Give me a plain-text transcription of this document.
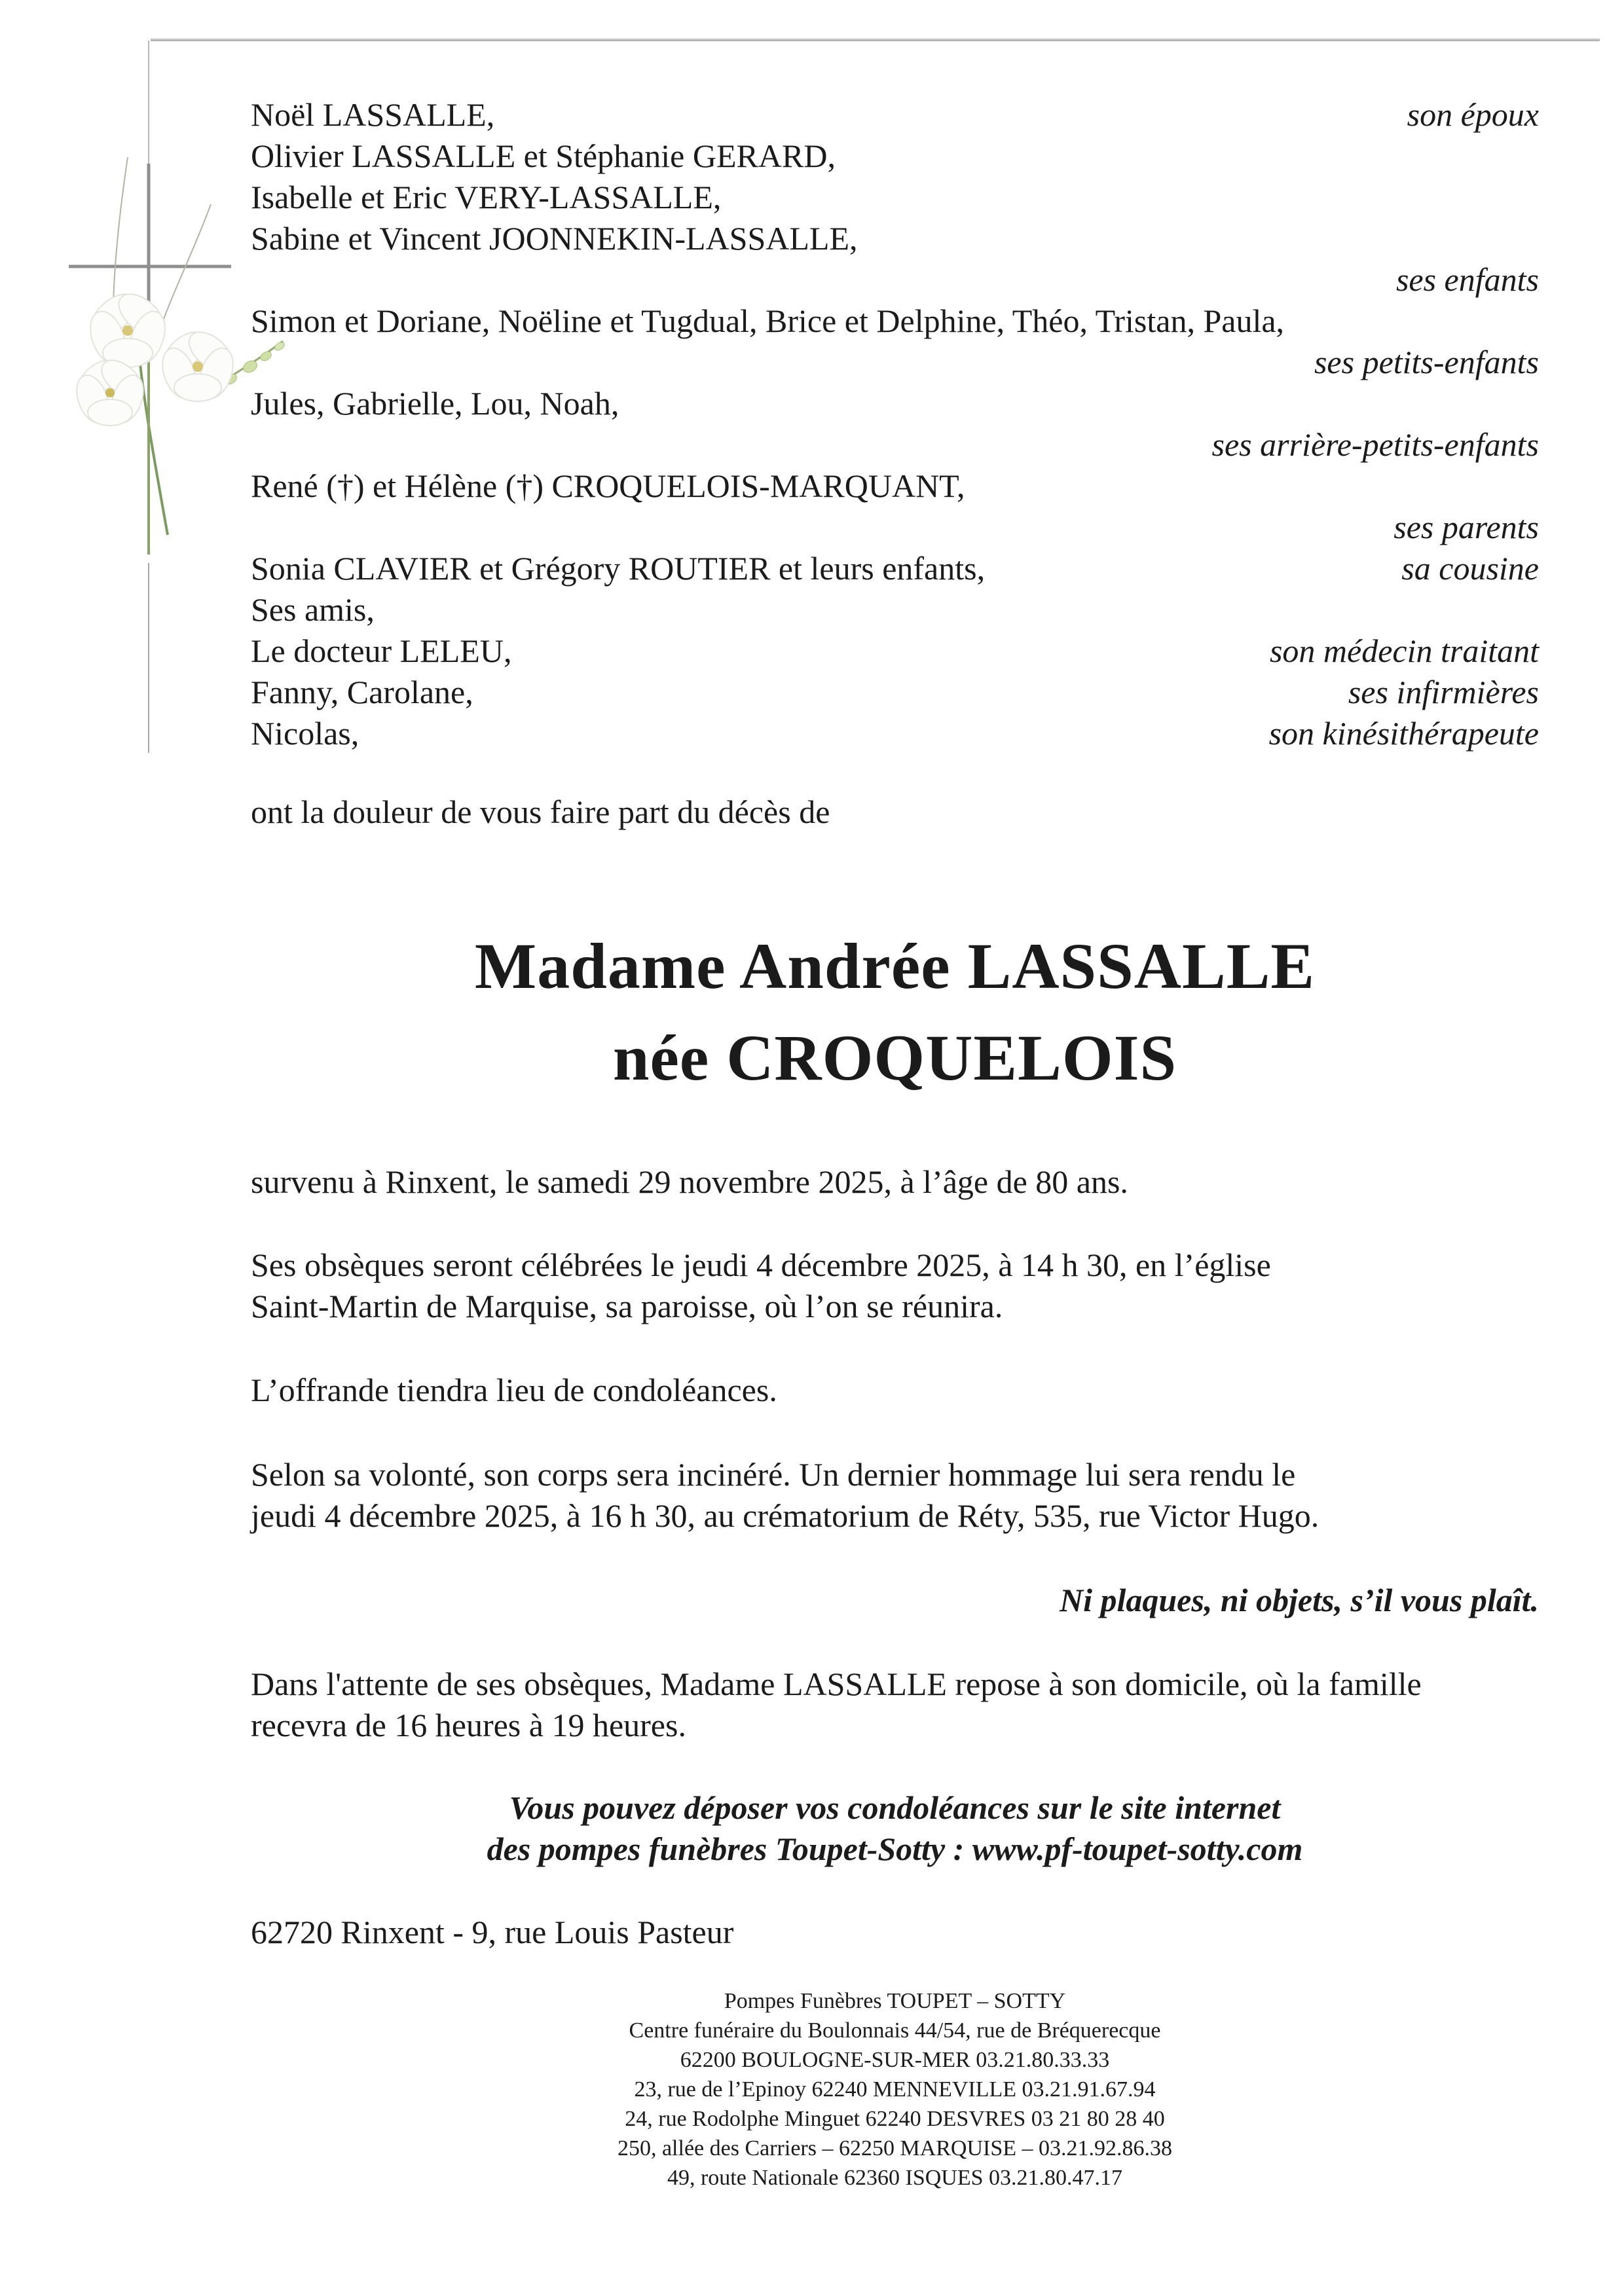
Noël LASSALLE,	son époux
Olivier LASSALLE et Stéphanie GERARD,
Isabelle et Eric VERY-LASSALLE,
Sabine et Vincent JOONNEKIN-LASSALLE,
ses enfants
Simon et Doriane, Noëline et Tugdual, Brice et Delphine, Théo, Tristan, Paula,
ses petits-enfants
Jules, Gabrielle, Lou, Noah,
ses arrière-petits-enfants
René (†) et Hélène (†) CROQUELOIS-MARQUANT,
ses parents
Sonia CLAVIER et Grégory ROUTIER et leurs enfants,	sa cousine
Ses amis,
Le docteur LELEU,	son médecin traitant
Fanny, Carolane,	ses infirmières
Nicolas,	son kinésithérapeute
ont la douleur de vous faire part du décès de
Madame Andrée LASSALLE
née CROQUELOIS
survenu à Rinxent, le samedi 29 novembre 2025, à l’âge de 80 ans.
Ses obsèques seront célébrées le jeudi 4 décembre 2025, à 14 h 30, en l’église
Saint-Martin de Marquise, sa paroisse, où l’on se réunira.
L’offrande tiendra lieu de condoléances.
Selon sa volonté, son corps sera incinéré. Un dernier hommage lui sera rendu le
jeudi 4 décembre 2025, à 16 h 30, au crématorium de Réty, 535, rue Victor Hugo.
Ni plaques, ni objets, s’il vous plaît.
Dans l'attente de ses obsèques, Madame LASSALLE repose à son domicile, où la famille
recevra de 16 heures à 19 heures.
Vous pouvez déposer vos condoléances sur le site internet
des pompes funèbres Toupet-Sotty : www.pf-toupet-sotty.com
62720 Rinxent - 9, rue Louis Pasteur
Pompes Funèbres TOUPET – SOTTY
Centre funéraire du Boulonnais 44/54, rue de Bréquerecque
62200 BOULOGNE-SUR-MER 03.21.80.33.33
23, rue de l’Epinoy 62240 MENNEVILLE 03.21.91.67.94
24, rue Rodolphe Minguet 62240 DESVRES 03 21 80 28 40
250, allée des Carriers – 62250 MARQUISE – 03.21.92.86.38
49, route Nationale 62360 ISQUES 03.21.80.47.17
